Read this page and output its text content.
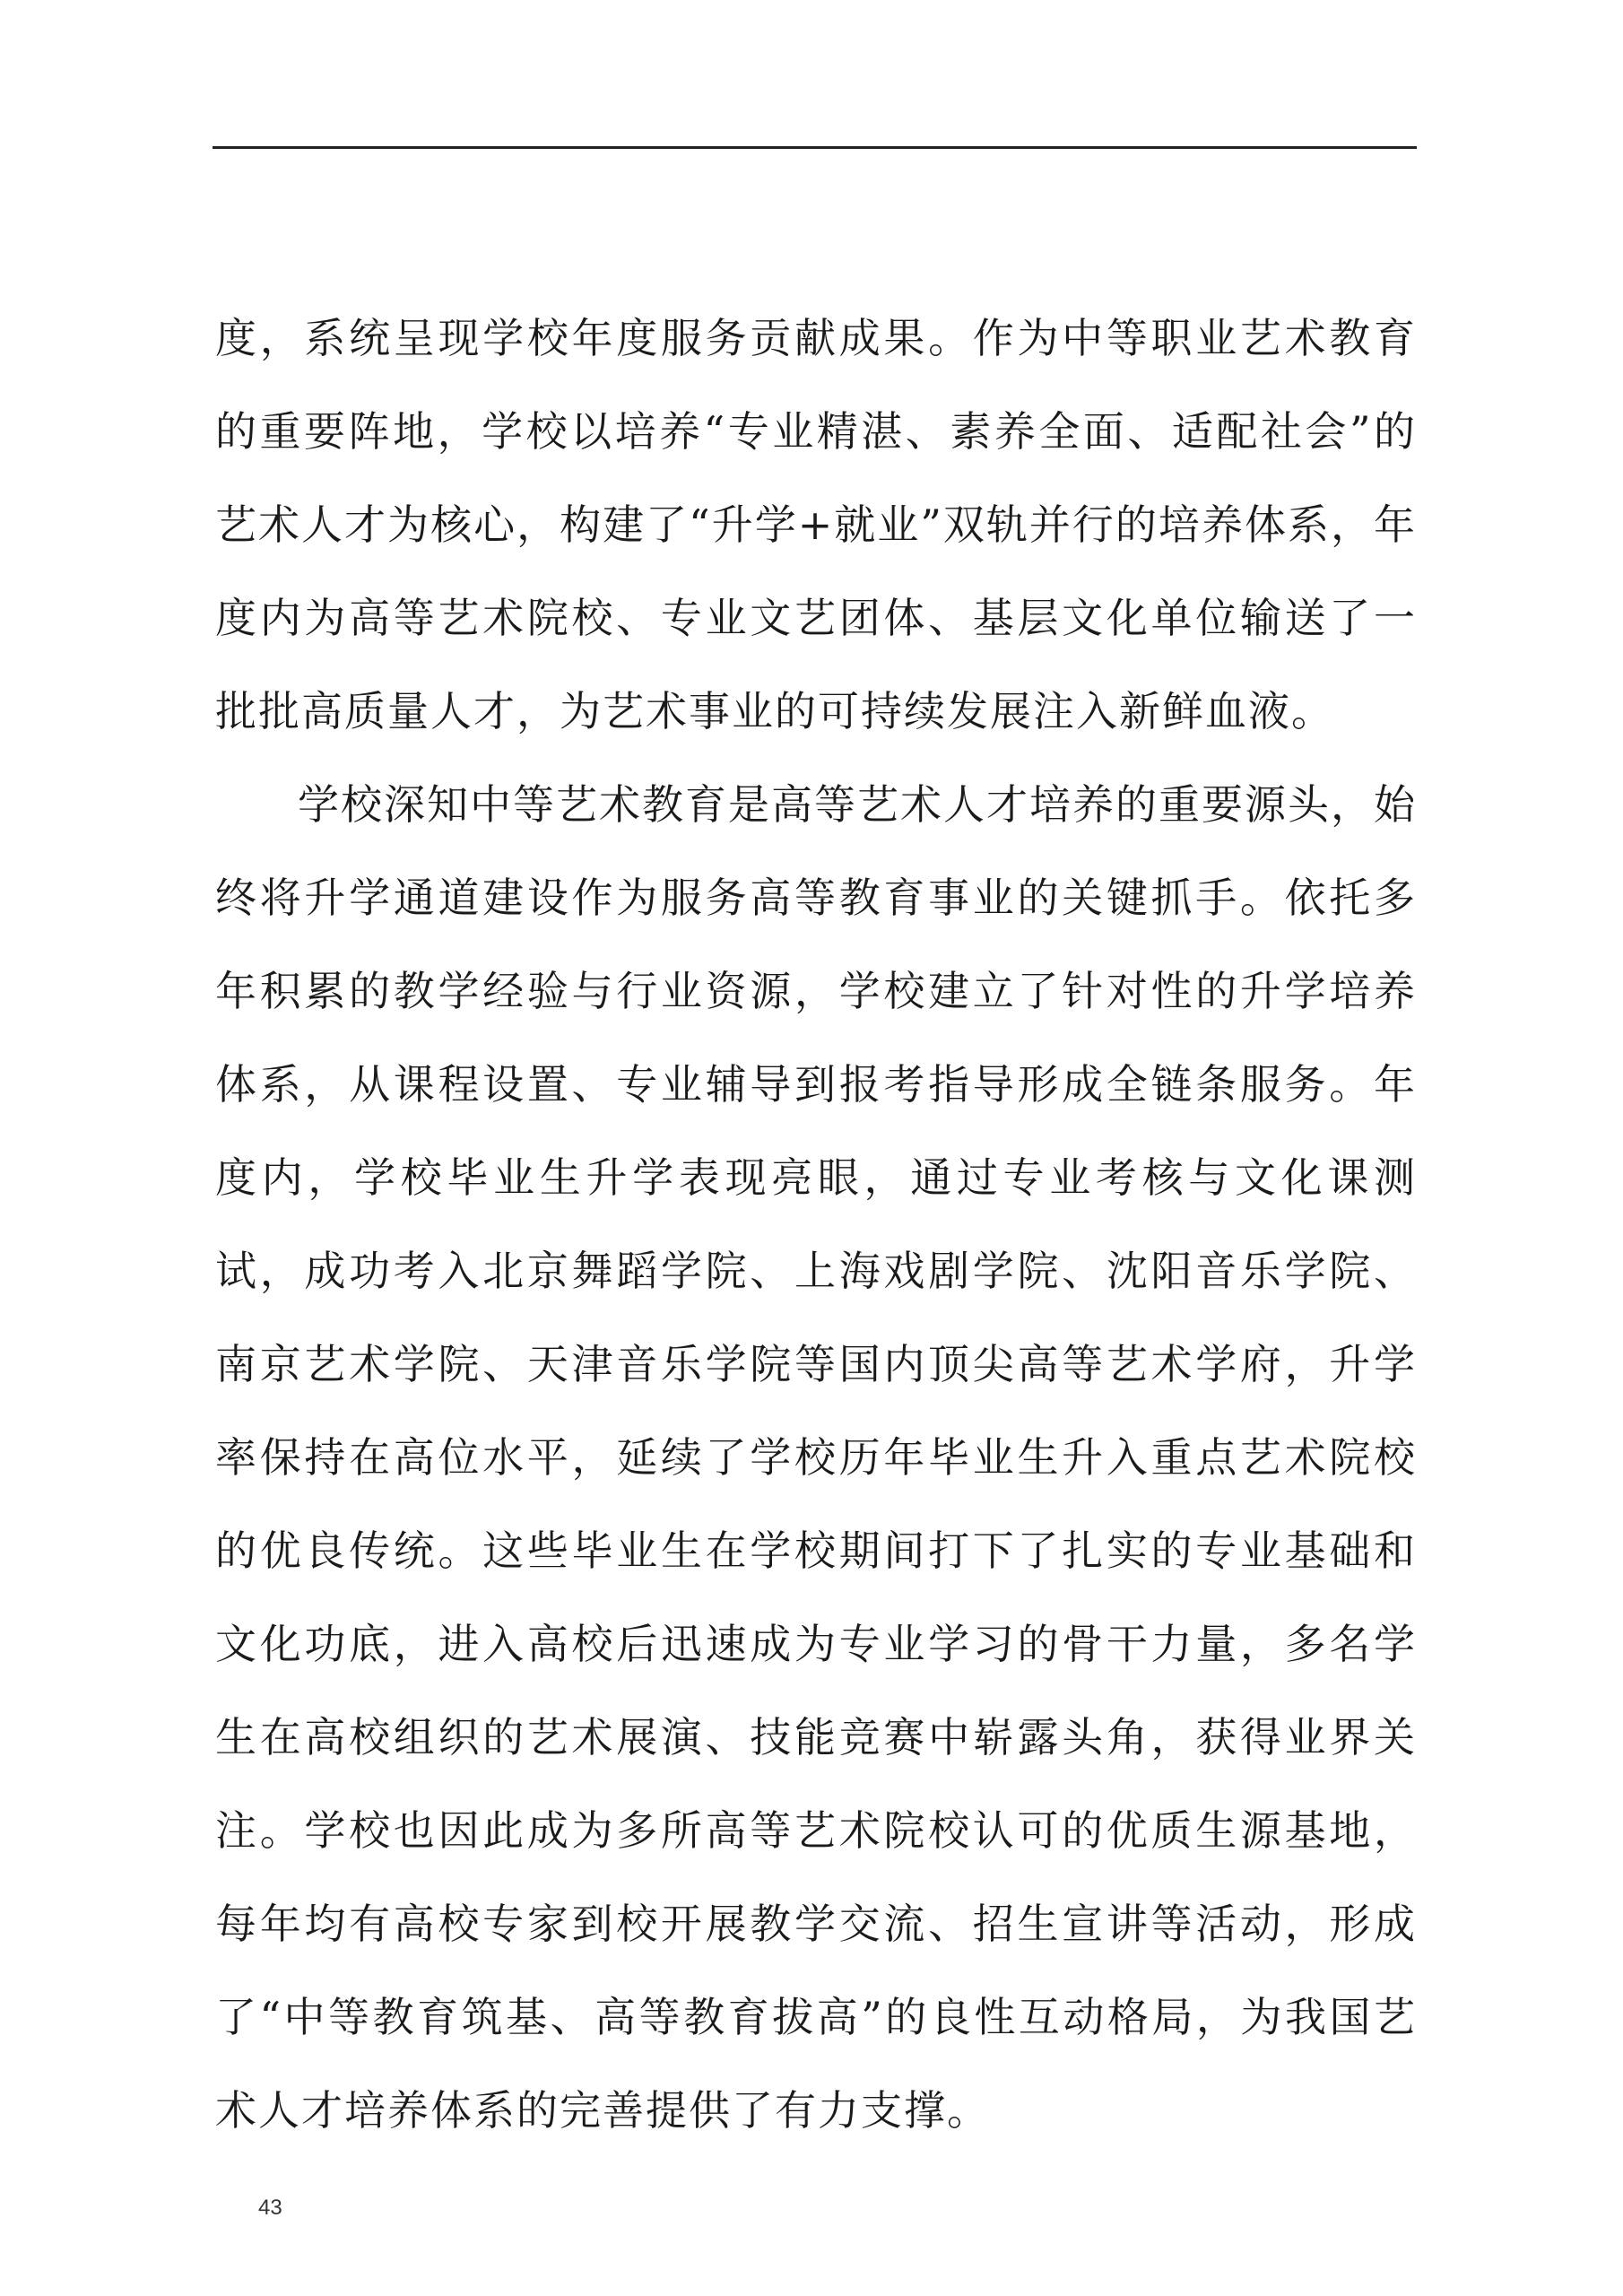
度，系统呈现学校年度服务贡献成果。作为中等职业艺术教育的重要阵地，学校以培养“专业精湛、素养全面、适配社会”的艺术人才为核心，构建了“升学+就业”双轨并行的培养体系，年度内为高等艺术院校、专业文艺团体、基层文化单位输送了一批批高质量人才，为艺术事业的可持续发展注入新鲜血液。

学校深知中等艺术教育是高等艺术人才培养的重要源头，始终将升学通道建设作为服务高等教育事业的关键抓手。依托多年积累的教学经验与行业资源，学校建立了针对性的升学培养体系，从课程设置、专业辅导到报考指导形成全链条服务。年度内，学校毕业生升学表现亮眼，通过专业考核与文化课测试，成功考入北京舞蹈学院、上海戏剧学院、沈阳音乐学院、南京艺术学院、天津音乐学院等国内顶尖高等艺术学府，升学率保持在高位水平，延续了学校历年毕业生升入重点艺术院校的优良传统。这些毕业生在学校期间打下了扎实的专业基础和文化功底，进入高校后迅速成为专业学习的骨干力量，多名学生在高校组织的艺术展演、技能竞赛中崭露头角，获得业界关注。学校也因此成为多所高等艺术院校认可的优质生源基地，每年均有高校专家到校开展教学交流、招生宣讲等活动，形成了“中等教育筑基、高等教育拔高”的良性互动格局，为我国艺术人才培养体系的完善提供了有力支撑。

43
